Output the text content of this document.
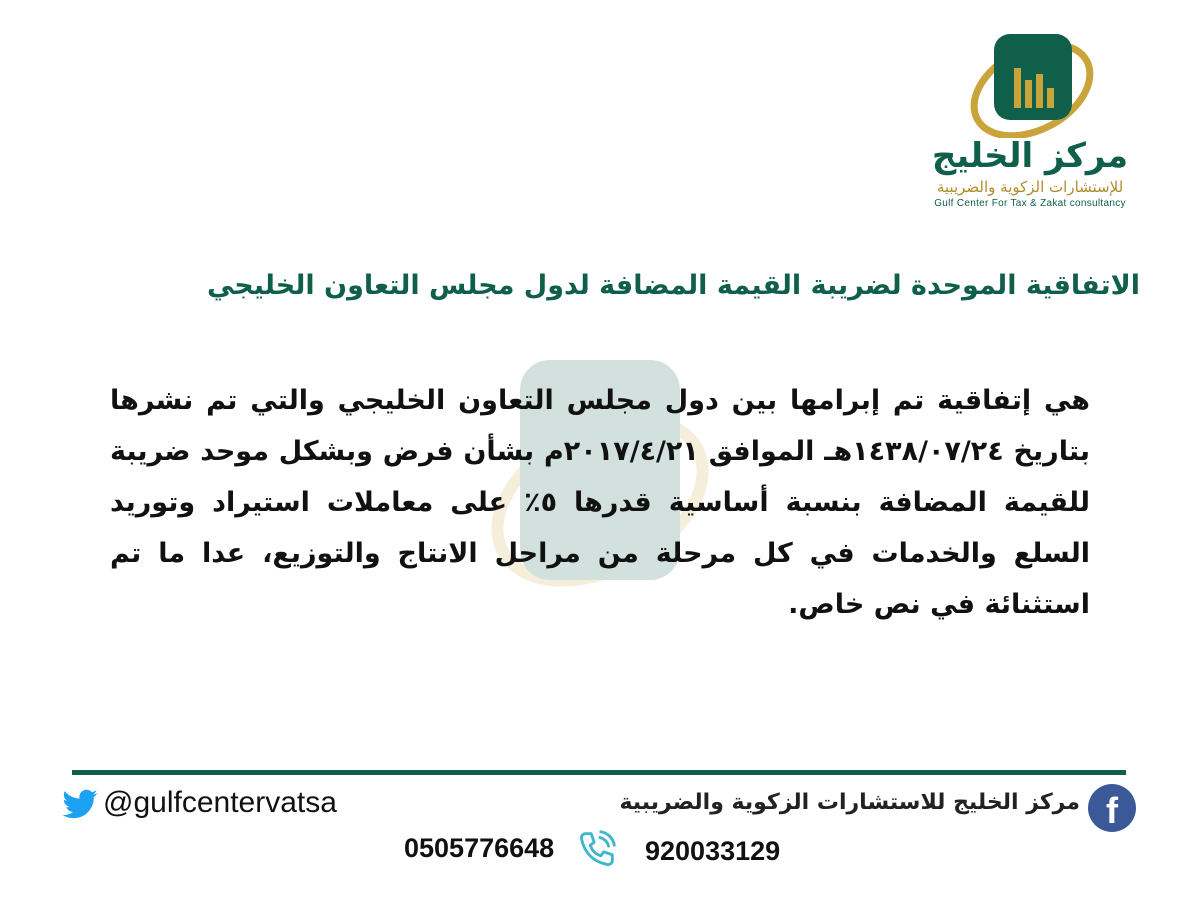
مركز الخليج
للإستشارات الزكوية والضريبية
Gulf Center For Tax & Zakat consultancy
الاتفاقية الموحدة لضريبة القيمة المضافة لدول مجلس التعاون الخليجي
هي إتفاقية تم إبرامها بين دول مجلس التعاون الخليجي والتي تم نشرها بتاريخ ١٤٣٨/٠٧/٢٤هـ الموافق ٢٠١٧/٤/٢١م بشأن فرض وبشكل موحد ضريبة للقيمة المضافة بنسبة أساسية قدرها ٥٪ على معاملات استيراد وتوريد السلع والخدمات في كل مرحلة من مراحل الانتاج والتوزيع، عدا ما تم استثنائة في نص خاص.
f
مركز الخليج للاستشارات الزكوية والضريبية
@gulfcentervatsa
920033129
0505776648
